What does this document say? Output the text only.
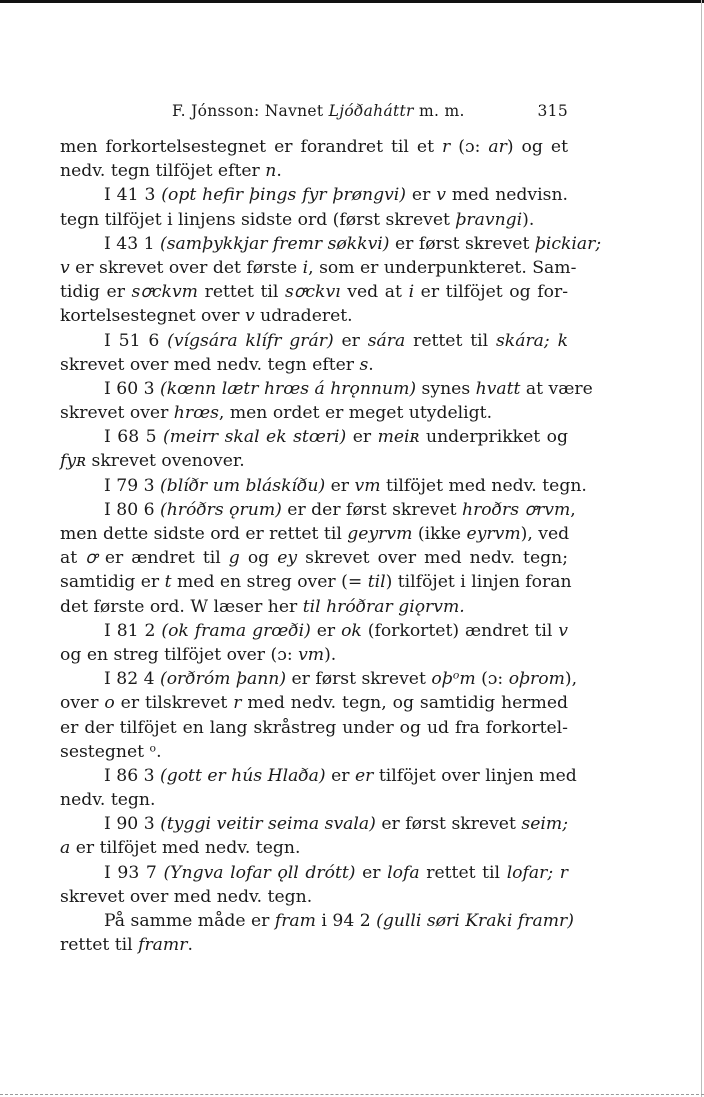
F. Jónsson: Navnet Ljóðaháttr m. m.	315
men forkortelsestegnet er forandret til et r (ɔ: ar) og et
nedv. tegn tilföjet efter n.
I 41 3 (opt hefir þings fyr þrøngvi) er v med nedvisn.
tegn tilföjet i linjens sidste ord (først skrevet þravngi).
I 43 1 (samþykkjar fremr søkkvi) er først skrevet þickiar;
v er skrevet over det første i, som er underpunkteret. Sam-
tidig er sꝍckvm rettet til sꝍckvı ved at i er tilföjet og for-
kortelsestegnet over v udraderet.
I 51 6 (vígsára klífr grár) er sára rettet til skára; k
skrevet over med nedv. tegn efter s.
I 60 3 (kœnn lætr hrœs á hrǫnnum) synes hvatt at være
skrevet over hrœs, men ordet er meget utydeligt.
I 68 5 (meirr skal ek stœri) er meiʀ underprikket og
fyʀ skrevet ovenover.
I 79 3 (blíðr um bláskíðu) er vm tilföjet med nedv. tegn.
I 80 6 (hróðrs ǫrum) er der først skrevet hroðrs ꝍrvm,
men dette sidste ord er rettet til geyrvm (ikke eyrvm), ved
at ꝍ er ændret til g og ey skrevet over med nedv. tegn;
samtidig er t med en streg over (= til) tilföjet i linjen foran
det første ord. W læser her til hróðrar giǫrvm.
I 81 2 (ok frama grœði) er ok (forkortet) ændret til v
og en streg tilföjet over (ɔ: vm).
I 82 4 (orðróm þann) er først skrevet oþᵒm (ɔ: oþrom),
over o er tilskrevet r med nedv. tegn, og samtidig hermed
er der tilföjet en lang skråstreg under og ud fra forkortel-
sestegnet ᵒ.
I 86 3 (gott er hús Hlaða) er er tilföjet over linjen med
nedv. tegn.
I 90 3 (tyggi veitir seima svala) er først skrevet seim;
a er tilföjet med nedv. tegn.
I 93 7 (Yngva lofar ǫll drótt) er lofa rettet til lofar; r
skrevet over med nedv. tegn.
På samme måde er fram i 94 2 (gulli søri Kraki framr)
rettet til framr.
